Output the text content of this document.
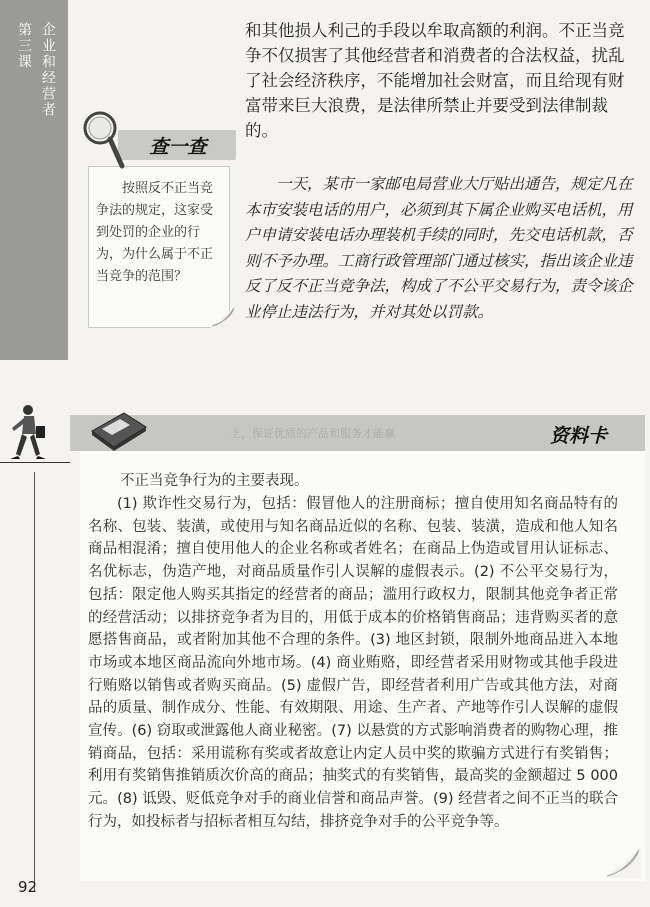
第三课 企业和经营者	和其他损人利己的手段以牟取高额的利润。不正当竞争不仅损害了其他经营者和消费者的合法权益，扰乱了社会经济秩序，不能增加社会财富，而且给现有财富带来巨大浪费，是法律所禁止并要受到法律制裁的。

一天，某市一家邮电局营业大厅贴出通告，规定凡在本市安装电话的用户，必须到其下属企业购买电话机，用户申请安装电话办理装机手续的同时，先交电话机款，否则不予办理。工商行政管理部门通过核实，指出该企业违反了反不正当竞争法，构成了不公平交易行为，责令该企业停止违法行为，并对其处以罚款。

查一查

按照反不正当竞争法的规定，这家受到处罚的企业的行为，为什么属于不正当竞争的范围？

上，保证优质的产品和服务才能赢	资料卡

不正当竞争行为的主要表现。

(1) 欺诈性交易行为，包括：假冒他人的注册商标；擅自使用知名商品特有的名称、包装、装潢，或使用与知名商品近似的名称、包装、装潢，造成和他人知名商品相混淆；擅自使用他人的企业名称或者姓名；在商品上伪造或冒用认证标志、名优标志，伪造产地，对商品质量作引人误解的虚假表示。(2) 不公平交易行为，包括：限定他人购买其指定的经营者的商品；滥用行政权力，限制其他竞争者正常的经营活动；以排挤竞争者为目的，用低于成本的价格销售商品；违背购买者的意愿搭售商品，或者附加其他不合理的条件。(3) 地区封锁，限制外地商品进入本地市场或本地区商品流向外地市场。(4) 商业贿赂，即经营者采用财物或其他手段进行贿赂以销售或者购买商品。(5) 虚假广告，即经营者利用广告或其他方法，对商品的质量、制作成分、性能、有效期限、用途、生产者、产地等作引人误解的虚假宣传。(6) 窃取或泄露他人商业秘密。(7) 以悬赏的方式影响消费者的购物心理，推销商品，包括：采用谎称有奖或者故意让内定人员中奖的欺骗方式进行有奖销售；利用有奖销售推销质次价高的商品；抽奖式的有奖销售，最高奖的金额超过 5 000 元。(8) 诋毁、贬低竞争对手的商业信誉和商品声誉。(9) 经营者之间不正当的联合行为，如投标者与招标者相互勾结，排挤竞争对手的公平竞争等。

92
